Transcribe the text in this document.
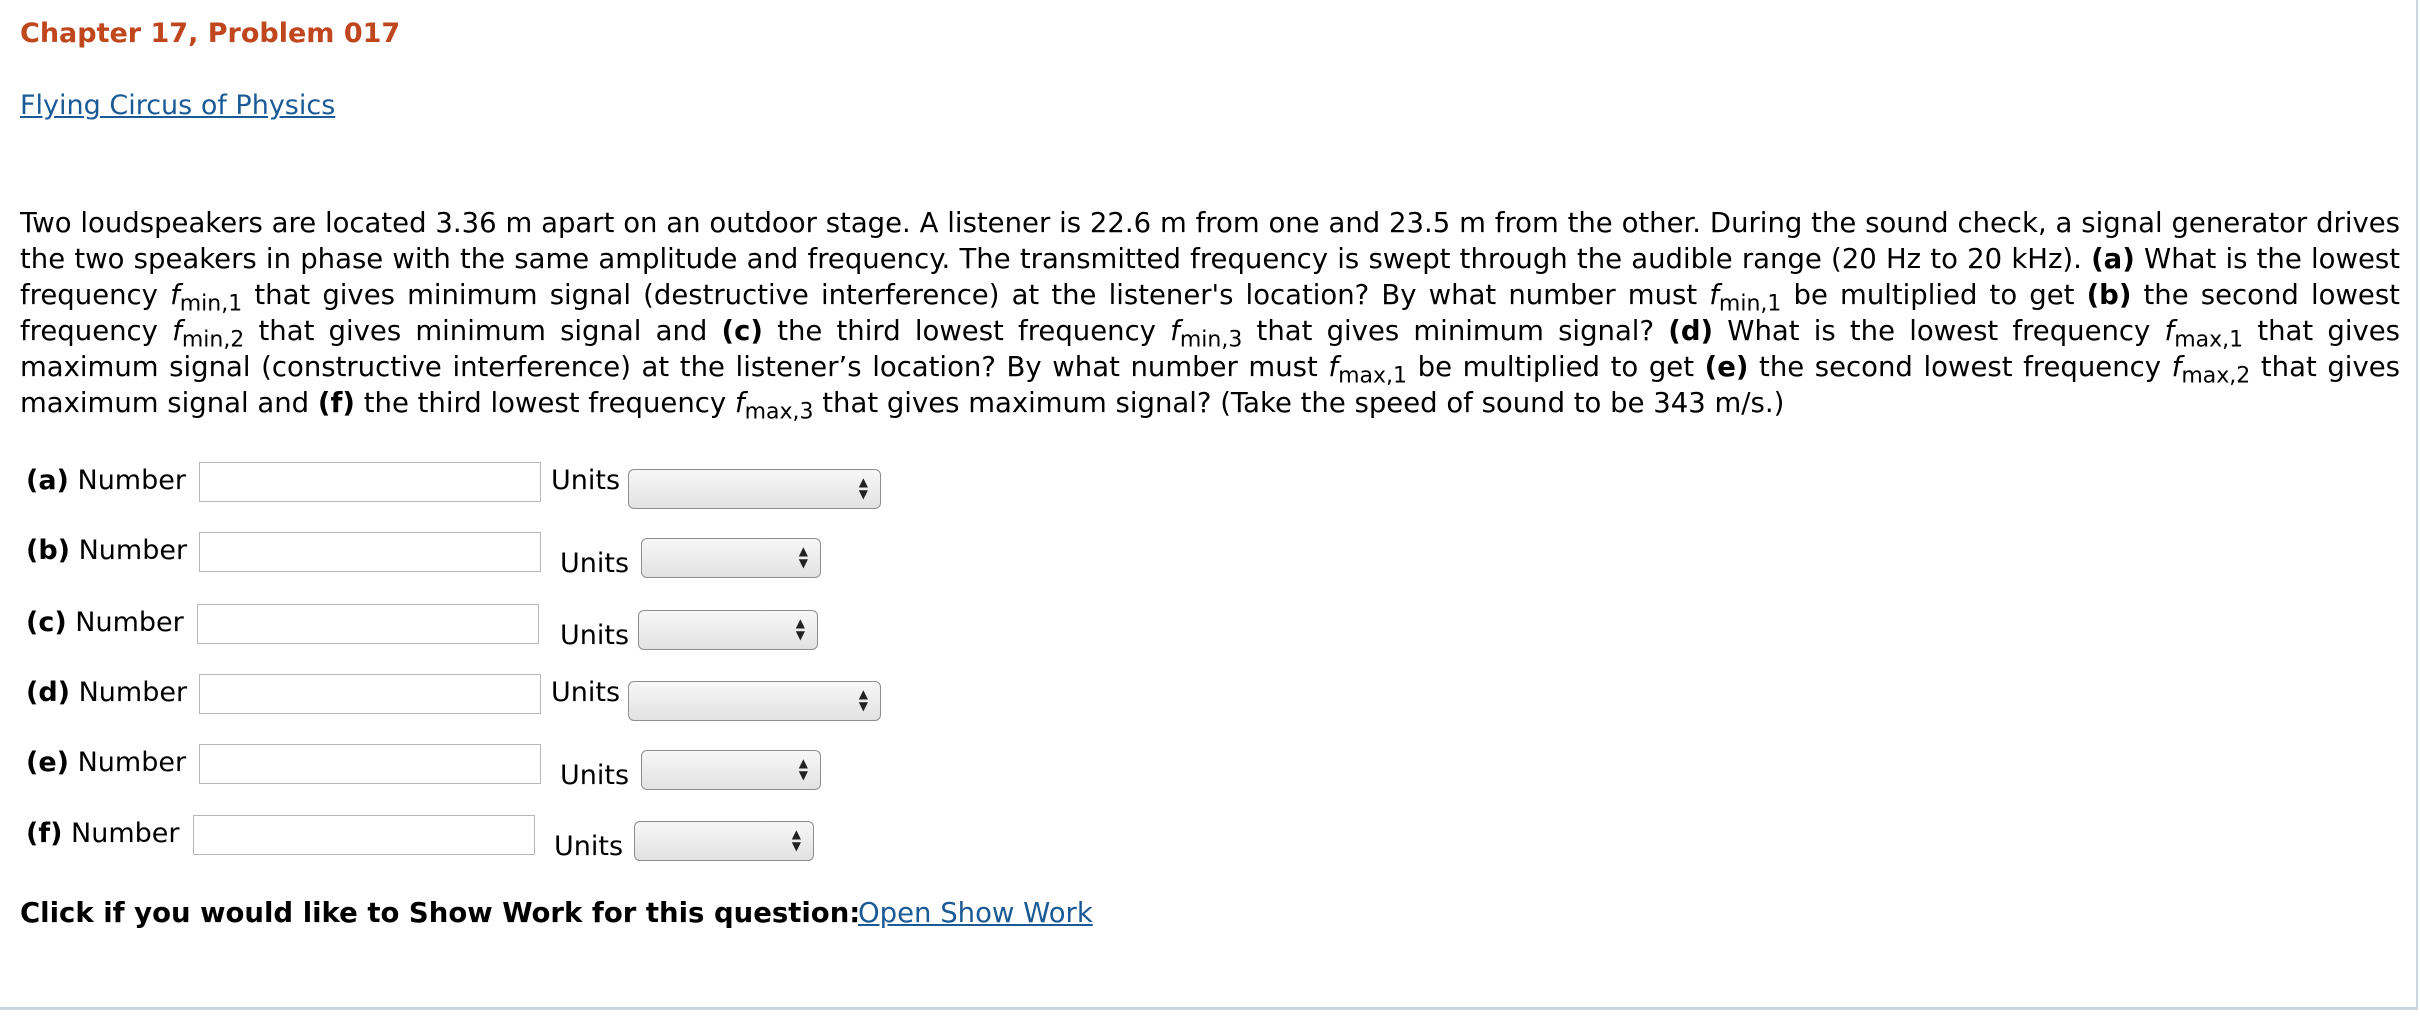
Chapter 17, Problem 017
Flying Circus of Physics
Two loudspeakers are located 3.36 m apart on an outdoor stage. A listener is 22.6 m from one and 23.5 m from the other. During the sound check, a signal generator drives the two speakers in phase with the same amplitude and frequency. The transmitted frequency is swept through the audible range (20 Hz to 20 kHz). (a) What is the lowest frequency $f_{min,1}$ that gives minimum signal (destructive interference) at the listener's location? By what number must $f_{min,1}$ be multiplied to get (b) the second lowest frequency $f_{min,2}$ that gives minimum signal and (c) the third lowest frequency $f_{min,3}$ that gives minimum signal? (d) What is the lowest frequency $f_{max,1}$ that gives maximum signal (constructive interference) at the listener’s location? By what number must $f_{max,1}$ be multiplied to get (e) the second lowest frequency $f_{max,2}$ that gives maximum signal and (f) the third lowest frequency $f_{max,3}$ that gives maximum signal? (Take the speed of sound to be 343 m/s.)
(a) Number	Units	▲
▼
(b) Number	Units	▲
▼
(c) Number	Units	▲
▼
(d) Number	Units	▲
▼
(e) Number	Units	▲
▼
(f) Number	Units	▲
▼
Click if you would like to Show Work for this question:
Open Show Work
